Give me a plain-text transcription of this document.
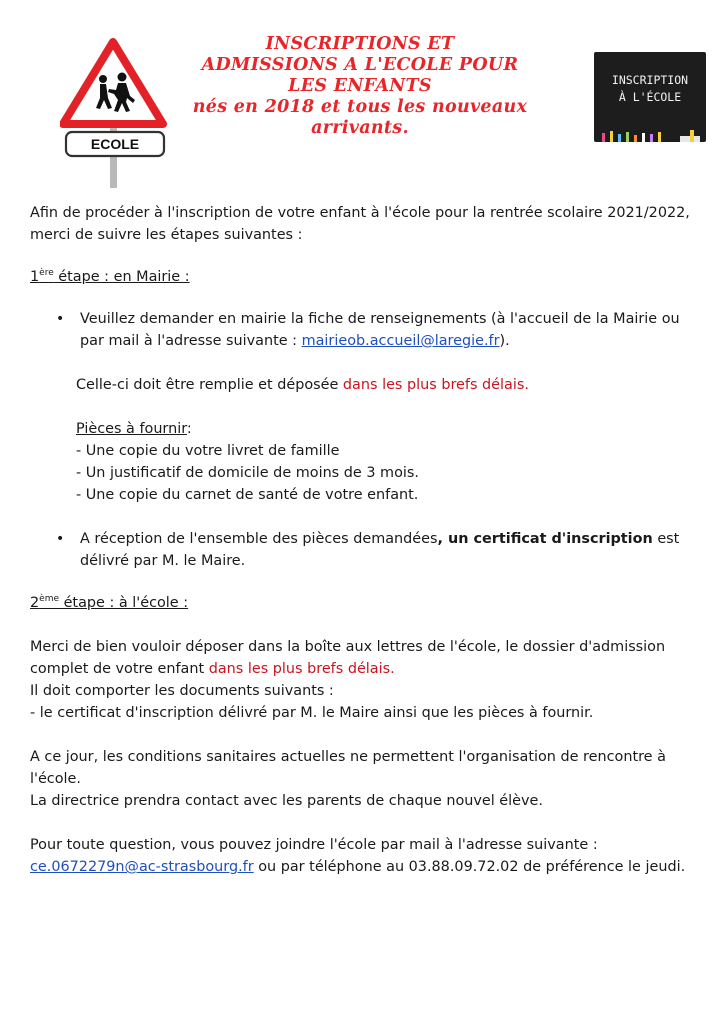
ECOLE
INSCRIPTIONS ET
ADMISSIONS A L'ECOLE POUR
LES ENFANTS
nés en 2018 et tous les nouveaux
arrivants.
INSCRIPTION
À L'ÉCOLE

Afin de procéder à l'inscription de votre enfant à l'école pour la rentrée scolaire 2021/2022, merci de suivre les étapes suivantes :

1ère étape : en Mairie :

• Veuillez demander en mairie la fiche de renseignements (à l'accueil de la Mairie ou par mail à l'adresse suivante : mairieob.accueil@laregie.fr).

Celle-ci doit être remplie et déposée dans les plus brefs délais.

Pièces à fournir:

- Une copie du votre livret de famille

- Un justificatif de domicile de moins de 3 mois.

- Une copie du carnet de santé de votre enfant.

• A réception de l'ensemble des pièces demandées, un certificat d'inscription est délivré par M. le Maire.

2ème étape : à l'école :

Merci de bien vouloir déposer dans la boîte aux lettres de l'école, le dossier d'admission complet de votre enfant dans les plus brefs délais.

Il doit comporter les documents suivants :

- le certificat d'inscription délivré par M. le Maire ainsi que les pièces à fournir.

A ce jour, les conditions sanitaires actuelles ne permettent l'organisation de rencontre à l'école.

La directrice prendra contact avec les parents de chaque nouvel élève.

Pour toute question, vous pouvez joindre l'école par mail à l'adresse suivante : ce.0672279n@ac-strasbourg.fr ou par téléphone au 03.88.09.72.02 de préférence le jeudi.
